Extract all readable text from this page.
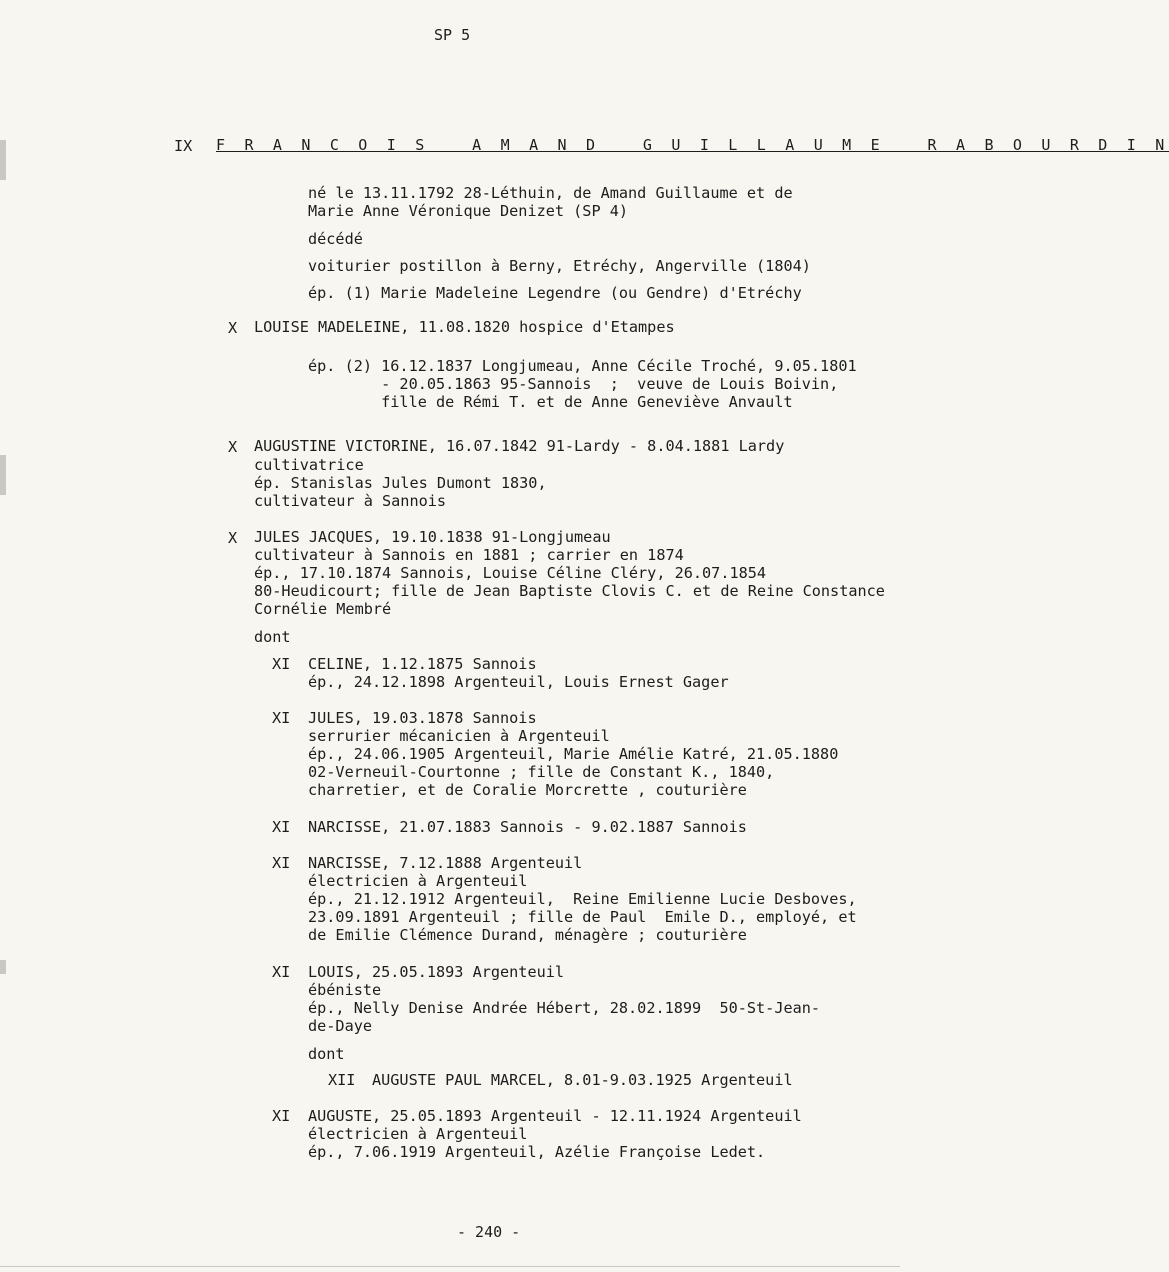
SP 5
IX F R A N C O I S   A M A N D   G U I L L A U M E   R A B O U R D I N
né le 13.11.1792 28-Léthuin, de Amand Guillaume et de
Marie Anne Véronique Denizet (SP 4)
décédé
voiturier postillon à Berny, Etréchy, Angerville (1804)
ép. (1) Marie Madeleine Legendre (ou Gendre) d'Etréchy
X LOUISE MADELEINE, 11.08.1820 hospice d'Etampes
ép. (2) 16.12.1837 Longjumeau, Anne Cécile Troché, 9.05.1801
- 20.05.1863 95-Sannois  ;  veuve de Louis Boivin,
fille de Rémi T. et de Anne Geneviève Anvault
X AUGUSTINE VICTORINE, 16.07.1842 91-Lardy - 8.04.1881 Lardy
cultivatrice
ép. Stanislas Jules Dumont 1830,
cultivateur à Sannois
X JULES JACQUES, 19.10.1838 91-Longjumeau
cultivateur à Sannois en 1881 ; carrier en 1874
ép., 17.10.1874 Sannois, Louise Céline Cléry, 26.07.1854
80-Heudicourt; fille de Jean Baptiste Clovis C. et de Reine Constance
Cornélie Membré
dont
XI CELINE, 1.12.1875 Sannois
ép., 24.12.1898 Argenteuil, Louis Ernest Gager
XI JULES, 19.03.1878 Sannois
serrurier mécanicien à Argenteuil
ép., 24.06.1905 Argenteuil, Marie Amélie Katré, 21.05.1880
02-Verneuil-Courtonne ; fille de Constant K., 1840,
charretier, et de Coralie Morcrette , couturière
XI NARCISSE, 21.07.1883 Sannois - 9.02.1887 Sannois
XI NARCISSE, 7.12.1888 Argenteuil
électricien à Argenteuil
ép., 21.12.1912 Argenteuil,  Reine Emilienne Lucie Desboves,
23.09.1891 Argenteuil ; fille de Paul  Emile D., employé, et
de Emilie Clémence Durand, ménagère ; couturière
XI LOUIS, 25.05.1893 Argenteuil
ébéniste
ép., Nelly Denise Andrée Hébert, 28.02.1899  50-St-Jean-
de-Daye
dont
XII AUGUSTE PAUL MARCEL, 8.01-9.03.1925 Argenteuil
XI AUGUSTE, 25.05.1893 Argenteuil - 12.11.1924 Argenteuil
électricien à Argenteuil
ép., 7.06.1919 Argenteuil, Azélie Françoise Ledet.
- 240 -
